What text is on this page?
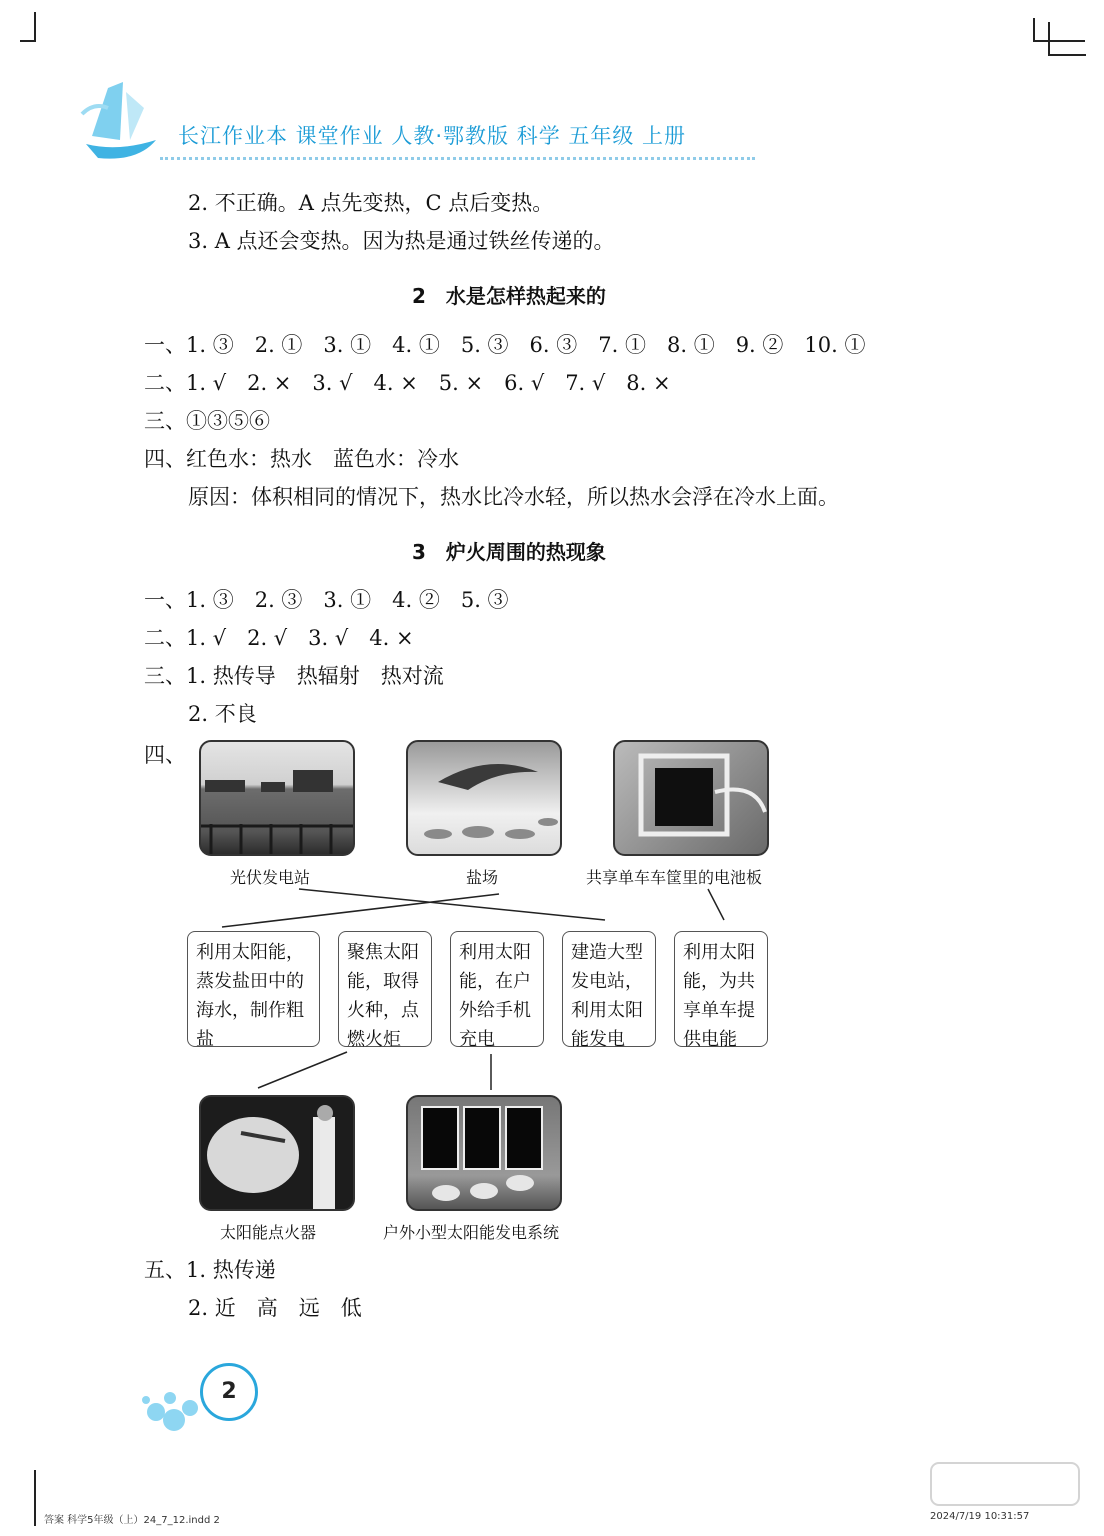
长江作业本 课堂作业 人教·鄂教版 科学 五年级 上册
2. 不正确。A 点先变热，C 点后变热。
3. A 点还会变热。因为热是通过铁丝传递的。
2　水是怎样热起来的
一、1. ③　2. ①　3. ①　4. ①　5. ③　6. ③　7. ①　8. ①　9. ②　10. ①
二、1. √　2. ×　3. √　4. ×　5. ×　6. √　7. √　8. ×
三、①③⑤⑥
四、红色水：热水　蓝色水：冷水
原因：体积相同的情况下，热水比冷水轻，所以热水会浮在冷水上面。
3　炉火周围的热现象
一、1. ③　2. ③　3. ①　4. ②　5. ③
二、1. √　2. √　3. √　4. ×
三、1. 热传导　热辐射　热对流
2. 不良
四、
光伏发电站	盐场	共享单车车筐里的电池板
利用太阳能，
蒸发盐田中的
海水，制作粗
盐
聚焦太阳
能，取得
火种，点
燃火炬
利用太阳
能，在户
外给手机
充电
建造大型
发电站，
利用太阳
能发电
利用太阳
能，为共
享单车提
供电能
太阳能点火器	户外小型太阳能发电系统
五、1. 热传递
2. 近　高　远　低
2
答案 科学5年级（上）24_7_12.indd 2	2024/7/19 10:31:57
